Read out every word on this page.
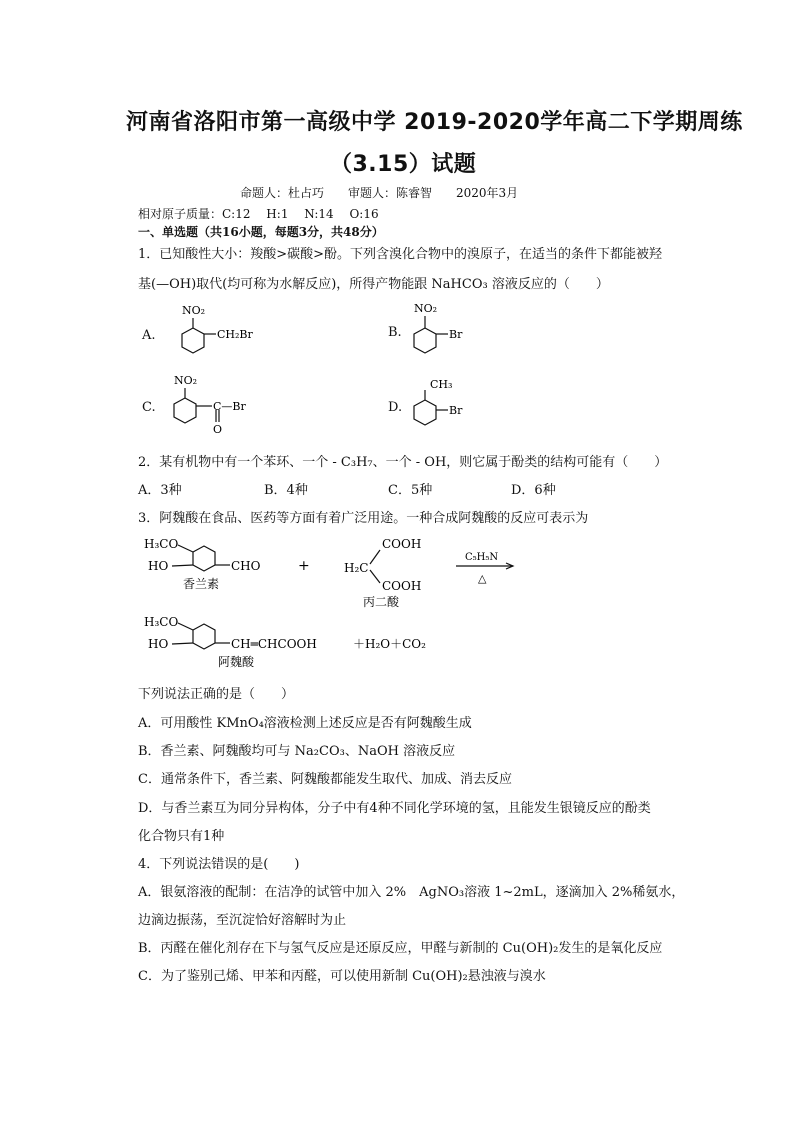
河南省洛阳市第一高级中学 2019-2020学年高二下学期周练
（3.15）试题
命题人：杜占巧　　审题人：陈睿智　　2020年3月
相对原子质量：C:12　 H:1　 N:14　 O:16
一、单选题（共16小题，每题3分，共48分）
1．已知酸性大小：羧酸>碳酸>酚。下列含溴化合物中的溴原子，在适当的条件下都能被羟
基(—OH)取代(均可称为水解反应)，所得产物能跟 NaHCO₃ 溶液反应的（　　）
A.
NO₂
CH₂Br	B.
NO₂
Br
C.
NO₂
C—Br
O
D.
CH₃
Br
2．某有机物中有一个苯环、一个 - C₃H₇、一个 - OH，则它属于酚类的结构可能有（　　）
A．3种	B．4种	C．5种	D．6种
3．阿魏酸在食品、医药等方面有着广泛用途。一种合成阿魏酸的反应可表示为
H₃CO
HO	CHO
香兰素
+	H₂C
COOH
COOH
丙二酸
C₅H₅N
△
H₃CO
HO	CH═CHCOOH	＋H₂O＋CO₂
阿魏酸
下列说法正确的是（　　）
A．可用酸性 KMnO₄溶液检测上述反应是否有阿魏酸生成
B．香兰素、阿魏酸均可与 Na₂CO₃、NaOH 溶液反应
C．通常条件下，香兰素、阿魏酸都能发生取代、加成、消去反应
D．与香兰素互为同分异构体，分子中有4种不同化学环境的氢，且能发生银镜反应的酚类
化合物只有1种
4．下列说法错误的是(　　)
A．银氨溶液的配制：在洁净的试管中加入 2%　AgNO₃溶液 1~2mL，逐滴加入 2%稀氨水，
边滴边振荡，至沉淀恰好溶解时为止
B．丙醛在催化剂存在下与氢气反应是还原反应，甲醛与新制的 Cu(OH)₂发生的是氧化反应
C．为了鉴别己烯、甲苯和丙醛，可以使用新制 Cu(OH)₂悬浊液与溴水
